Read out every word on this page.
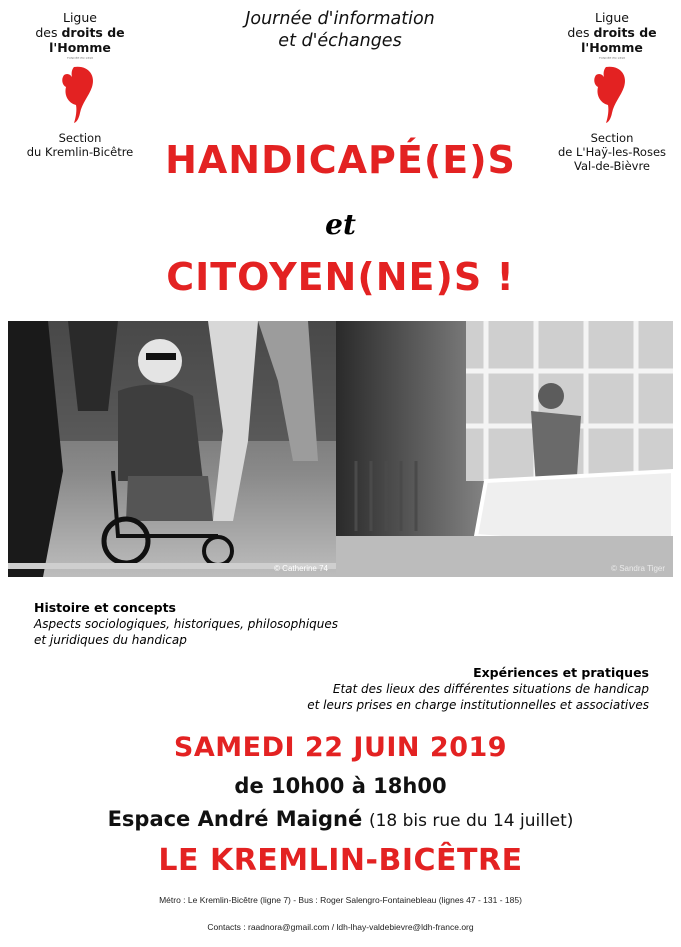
Ligue
des droits de
l'Homme
FONDÉE EN 1898
Section
du Kremlin-Bicêtre
Ligue
des droits de
l'Homme
FONDÉE EN 1898
Section
de L'Haÿ-les-Roses
Val-de-Bièvre
Journée d'information
et d'échanges
HANDICAPÉ(E)S
et
CITOYEN(NE)S !
© Catherine 74	© Sandra Tiger
Histoire et concepts
Aspects sociologiques, historiques, philosophiques
et juridiques du handicap
Expériences et pratiques
Etat des lieux des différentes situations de handicap
et leurs prises en charge institutionnelles et associatives
SAMEDI 22 JUIN 2019
de 10h00 à 18h00
Espace André Maigné (18 bis rue du 14 juillet)
LE KREMLIN-BICÊTRE
Métro : Le Kremlin-Bicêtre (ligne 7) - Bus : Roger Salengro-Fontainebleau (lignes 47 - 131 - 185)
Contacts : raadnora@gmail.com / ldh-lhay-valdebievre@ldh-france.org
